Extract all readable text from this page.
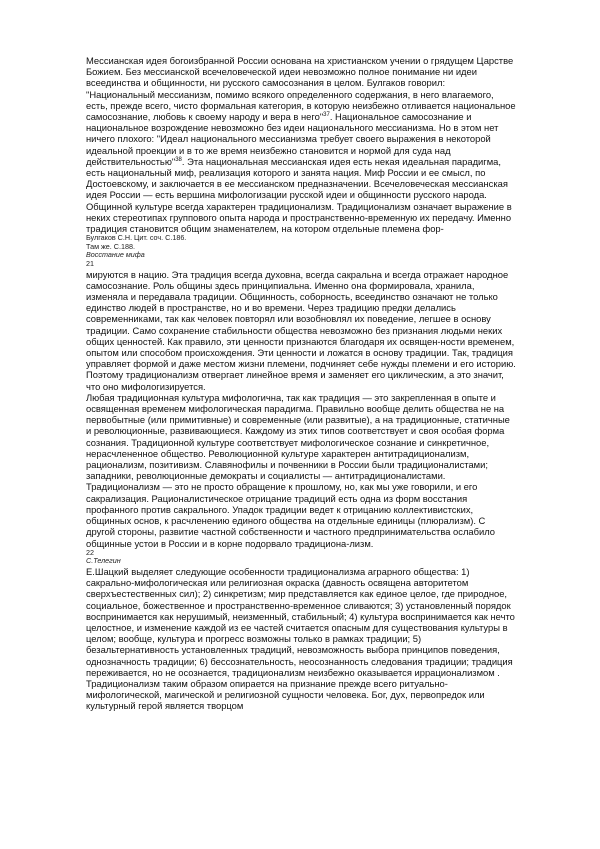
Мессианская идея богоизбранной России основана на христианском учении о грядущем Царстве Божием. Без мессианской всечеловеческой идеи невозможно полное понимание ни идеи всеединства и общинности, ни русского самосознания в целом. Булгаков говорил: "Национальный мессианизм, помимо всякого определенного содержания, в него влагаемого, есть, прежде всего, чисто формальная категория, в которую неизбежно отливается национальное самосознание, любовь к своему народу и вера в него"$^{37}$. Национальное самосознание и национальное возрождение невозможно без идеи национального мессианизма. Но в этом нет ничего плохого: "Идеал национального мессианизма требует своего выражения в некоторой идеальной проекции и в то же время неизбежно становится и нормой для суда над действительностью"$^{38}$. Эта национальная мессианская идея есть некая идеальная парадигма, есть национальный миф, реализация которого и занята нация. Миф России и ее смысл, по Достоевскому, и заключается в ее мессианском предназначении. Всечеловеческая мессианская идея России — есть вершина мифологизации русской идеи и общинности русского народа.

Общинной культуре всегда характерен традиционализм. Традиционализм означает выражение в неких стереотипах группового опыта народа и пространственно-временную их передачу. Именно традиция становится общим знаменателем, на котором отдельные племена фор-

Булгаков С.Н. Цит. соч. С.186.

Там же. С.188.

Восстание мифа

21

мируются в нацию. Эта традиция всегда духовна, всегда сакральна и всегда отражает народное самосознание. Роль общины здесь принципиальна. Именно она формировала, хранила, изменяла и передавала традиции. Общинность, соборность, всеединство означают не только единство людей в пространстве, но и во времени. Через традицию предки делались современниками, так как человек повторял или возобновлял их поведение, легшее в основу традиции. Само сохранение стабильности общества невозможно без признания людьми неких общих ценностей. Как правило, эти ценности признаются благодаря их освящен-ности временем, опытом или способом происхождения. Эти ценности и ложатся в основу традиции. Так, традиция управляет формой и даже местом жизни племени, подчиняет себе нужды племени и его историю. Поэтому традиционализм отвергает линейное время и заменяет его циклическим, а это значит, что оно мифологизируется.

Любая традиционная культура мифологична, так как традиция — это закрепленная в опыте и освященная временем мифологическая парадигма. Правильно вообще делить общества не на первобытные (или примитивные) и современные (или развитые), а на традиционные, статичные и революционные, развивающиеся. Каждому из этих типов соответствует и своя особая форма сознания. Традиционной культуре соответствует мифологическое сознание и синкретичное, нерасчлененное общество. Революционной культуре характерен антитрадиционализм, рационализм, позитивизм. Славянофилы и почвенники в России были традиционалистами; западники, революционные демократы и социалисты — антитрадиционалистами. Традиционализм — это не просто обращение к прошлому, но, как мы уже говорили, и его сакрализация. Рационалистическое отрицание традиций есть одна из форм восстания профанного против сакрального. Упадок традиции ведет к отрицанию коллективистских, общинных основ, к расчленению единого общества на отдельные единицы (плюрализм). С другой стороны, развитие частной собственности и частного предпринимательства ослабило общинные устои в России и в корне подорвало традициона-лизм.

22

С.Телегин

Е.Шацкий выделяет следующие особенности традиционализма аграрного общества: 1) сакрально-мифологическая или религиозная окраска (давность освящена авторитетом сверхъестественных сил); 2) синкретизм; мир представляется как единое целое, где природное, социальное, божественное и пространственно-временное сливаются; 3) установленный порядок воспринимается как нерушимый, неизменный, стабильный; 4) культура воспринимается как нечто целостное, и изменение каждой из ее частей считается опасным для существования культуры в целом; вообще, культура и прогресс возможны только в рамках традиции; 5) безальтернативность установленных традиций, невозможность выбора принципов поведения, однозначность традиции; 6) бессознательность, неосознанность следования традиции; традиция переживается, но не осознается, традиционализм неизбежно оказывается иррационализмом . Традиционализм таким образом опирается на признание прежде всего ритуально-мифологической, магической и религиозной сущности человека. Бог, дух, первопредок или культурный герой является творцом
